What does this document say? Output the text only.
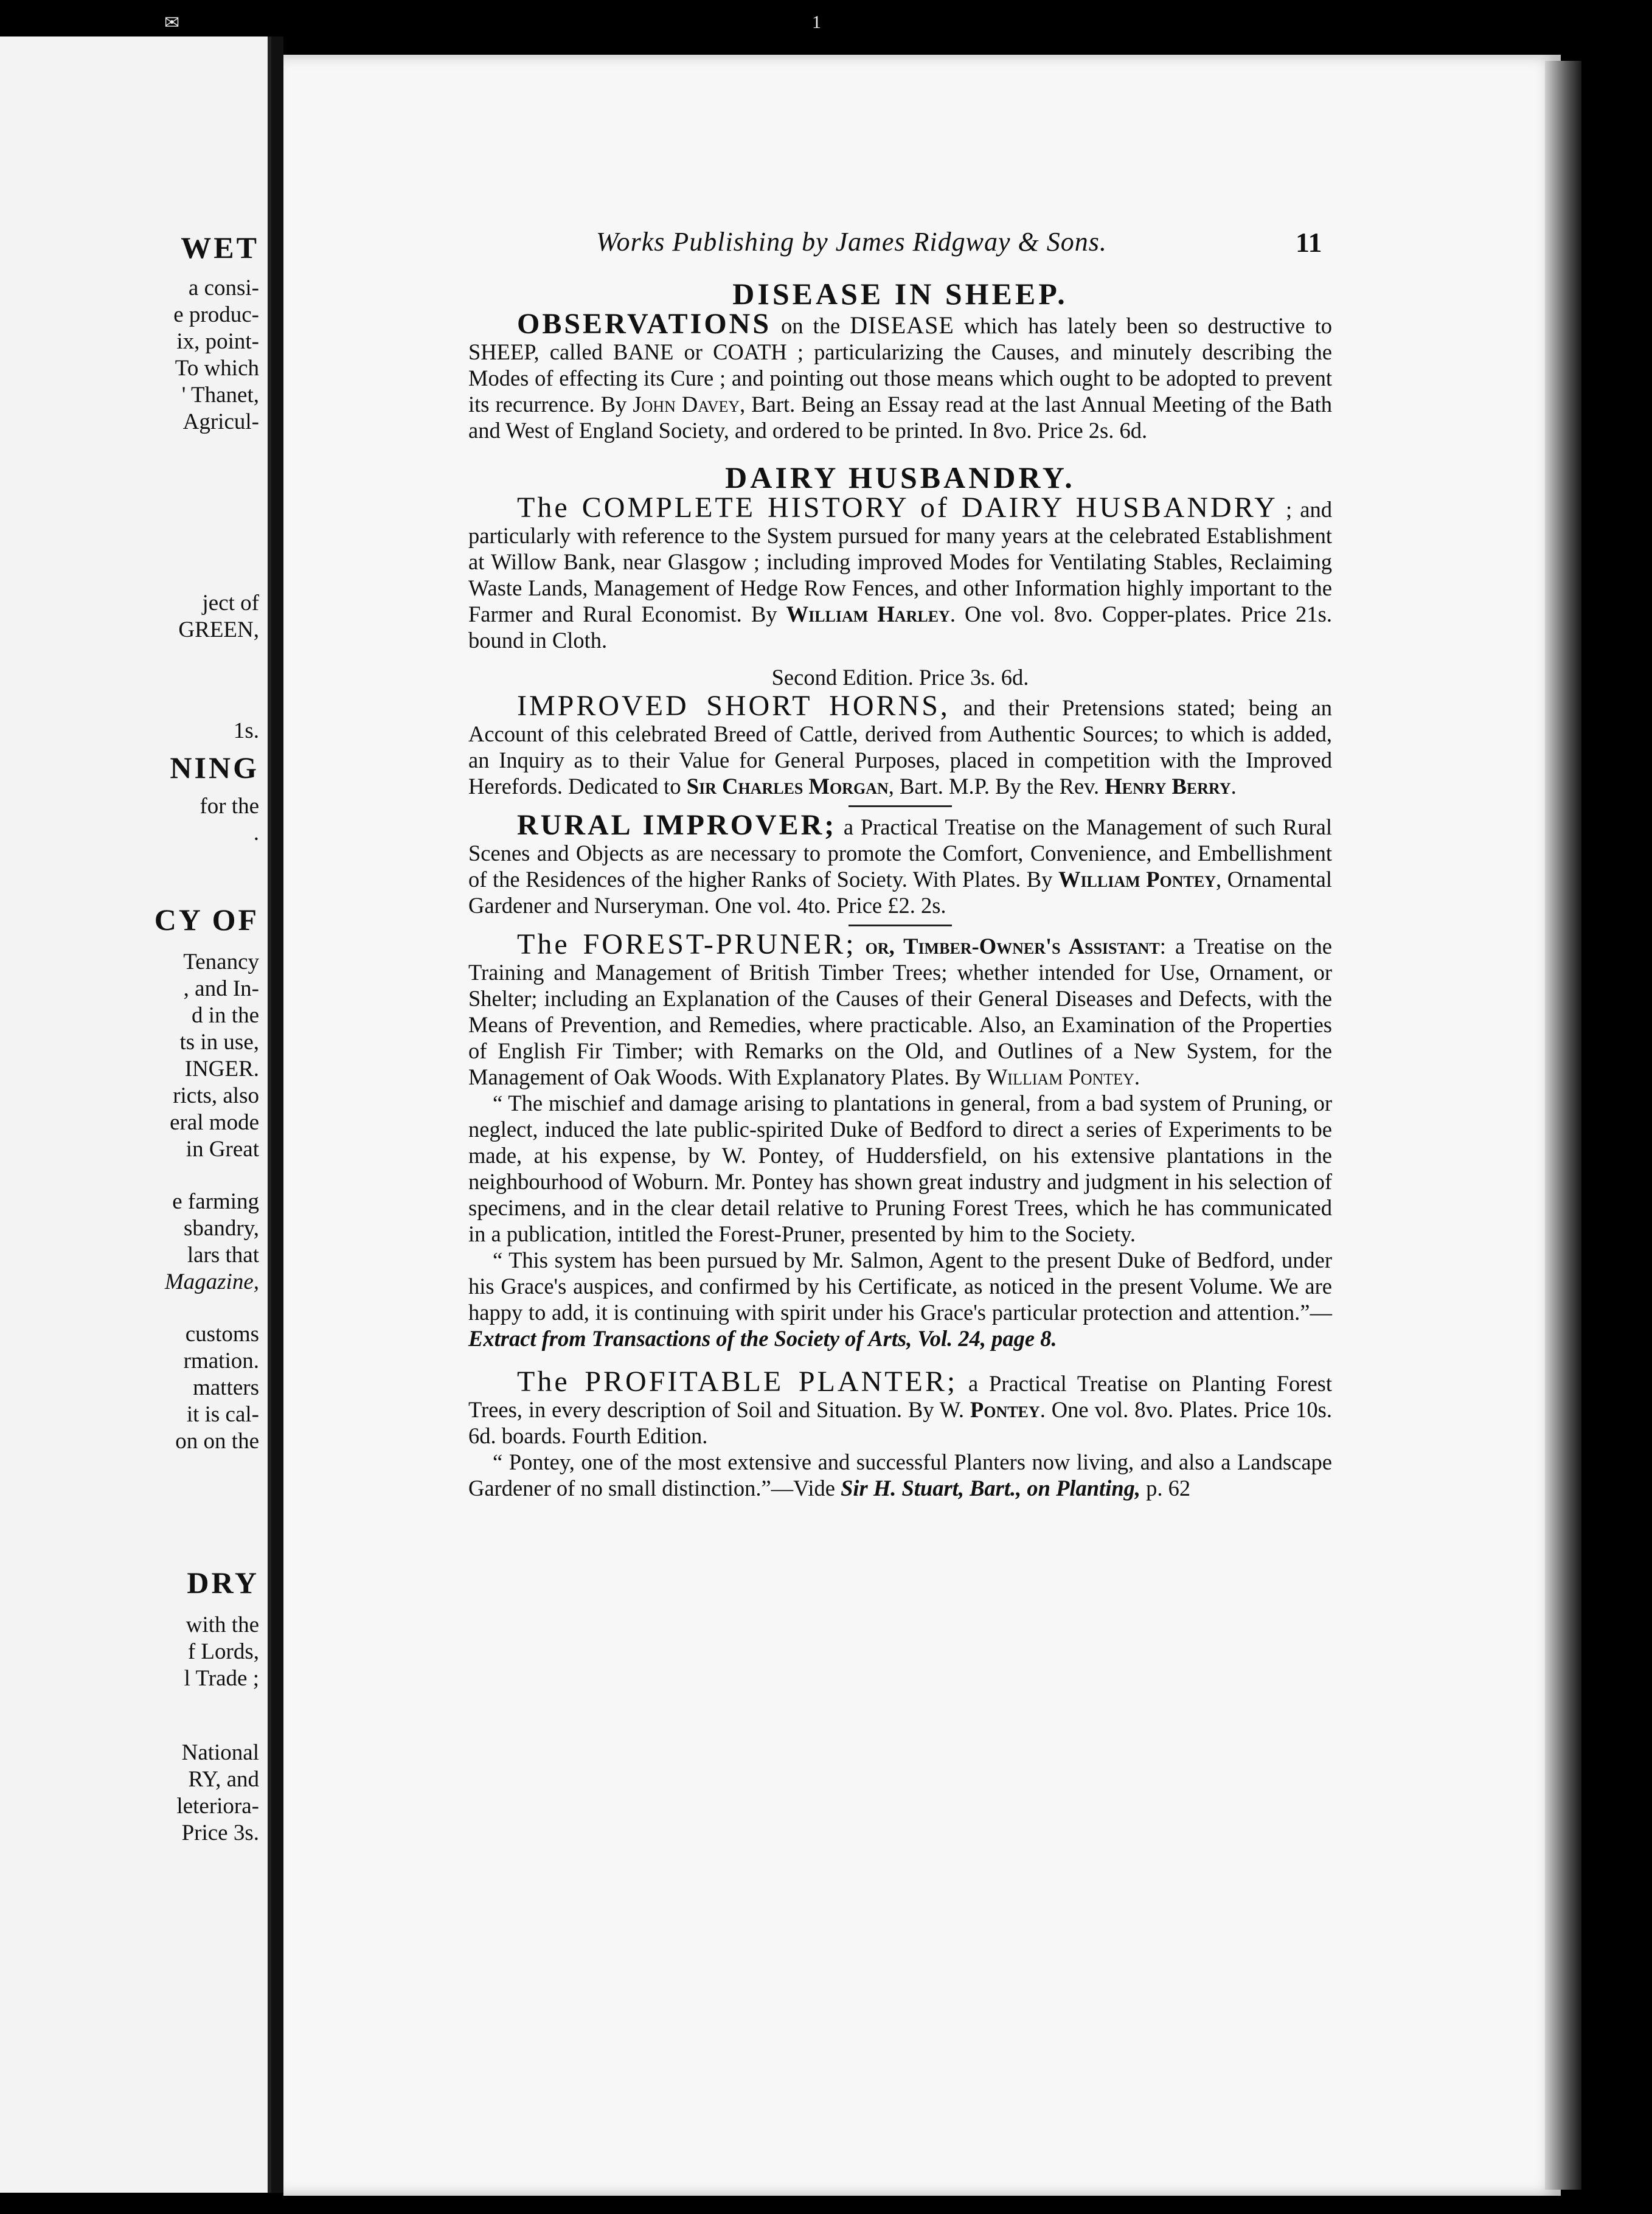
✉	1
WET
a consi-
e produc-
ix, point-
To which
' Thanet,
Agricul-
ject of
GREEN,
1s.
NING
for the
.
CY OF
Tenancy
, and In-
d in the
ts in use,
INGER.
ricts, also
eral mode
in Great
e farming
sbandry,
lars that
Magazine,
customs
rmation.
matters
it is cal-
on on the
DRY
with the
f Lords,
l Trade ;
National
RY, and
leteriora-
Price 3s.
Works Publishing by James Ridgway & Sons.	11
DISEASE IN SHEEP.

OBSERVATIONS on the DISEASE which has lately been so destructive to SHEEP, called BANE or COATH ; particularizing the Causes, and minutely describing the Modes of effecting its Cure ; and pointing out those means which ought to be adopted to prevent its recurrence. By John Davey, Bart. Being an Essay read at the last Annual Meeting of the Bath and West of England Society, and ordered to be printed. In 8vo. Price 2s. 6d.

DAIRY HUSBANDRY.

The COMPLETE HISTORY of DAIRY HUSBANDRY ; and particularly with reference to the System pursued for many years at the celebrated Establishment at Willow Bank, near Glasgow ; including improved Modes for Ventilating Stables, Reclaiming Waste Lands, Management of Hedge Row Fences, and other Information highly important to the Farmer and Rural Economist. By William Harley. One vol. 8vo. Copper-plates. Price 21s. bound in Cloth.

Second Edition. Price 3s. 6d.

IMPROVED SHORT HORNS, and their Pretensions stated; being an Account of this celebrated Breed of Cattle, derived from Authentic Sources; to which is added, an Inquiry as to their Value for General Purposes, placed in competition with the Improved Herefords. Dedicated to Sir Charles Morgan, Bart. M.P. By the Rev. Henry Berry.

RURAL IMPROVER; a Practical Treatise on the Management of such Rural Scenes and Objects as are necessary to promote the Comfort, Convenience, and Embellishment of the Residences of the higher Ranks of Society. With Plates. By William Pontey, Ornamental Gardener and Nurseryman. One vol. 4to. Price £2. 2s.

The FOREST-PRUNER; or, Timber-Owner's Assistant: a Treatise on the Training and Management of British Timber Trees; whether intended for Use, Ornament, or Shelter; including an Explanation of the Causes of their General Diseases and Defects, with the Means of Prevention, and Remedies, where practicable. Also, an Examination of the Properties of English Fir Timber; with Remarks on the Old, and Outlines of a New System, for the Management of Oak Woods. With Explanatory Plates. By William Pontey.

“ The mischief and damage arising to plantations in general, from a bad system of Pruning, or neglect, induced the late public-spirited Duke of Bedford to direct a series of Experiments to be made, at his expense, by W. Pontey, of Huddersfield, on his extensive plantations in the neighbourhood of Woburn. Mr. Pontey has shown great industry and judgment in his selection of specimens, and in the clear detail relative to Pruning Forest Trees, which he has communicated in a publication, intitled the Forest-Pruner, presented by him to the Society.

“ This system has been pursued by Mr. Salmon, Agent to the present Duke of Bedford, under his Grace's auspices, and confirmed by his Certificate, as noticed in the present Volume. We are happy to add, it is continuing with spirit under his Grace's particular protection and attention.”—Extract from Transactions of the Society of Arts, Vol. 24, page 8.

The PROFITABLE PLANTER; a Practical Treatise on Planting Forest Trees, in every description of Soil and Situation. By W. Pontey. One vol. 8vo. Plates. Price 10s. 6d. boards. Fourth Edition.

“ Pontey, one of the most extensive and successful Planters now living, and also a Landscape Gardener of no small distinction.”—Vide Sir H. Stuart, Bart., on Planting, p. 62
